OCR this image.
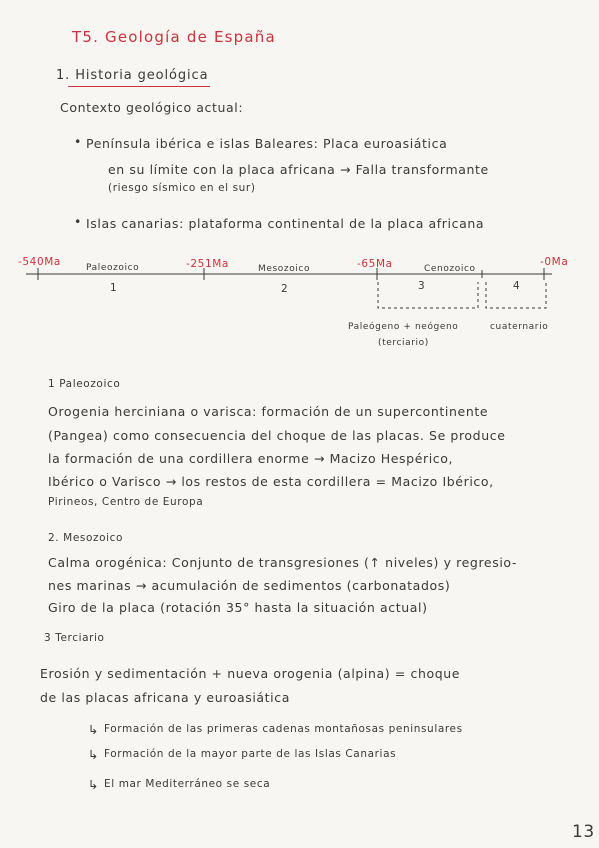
T5. Geología de España
1. Historia geológica
Contexto geológico actual:
• Península ibérica e islas Baleares: Placa euroasiática
en su límite con la placa africana → Falla transformante
(riesgo sísmico en el sur)
• Islas canarias: plataforma continental de la placa africana
-540Ma	-251Ma	-65Ma	-0Ma
Paleozoico	Mesozoico	Cenozoico
1	2	3	4
Paleógeno + neógeno
(terciario)
cuaternario
1 Paleozoico
Orogenia herciniana o varisca: formación de un supercontinente
(Pangea) como consecuencia del choque de las placas. Se produce
la formación de una cordillera enorme → Macizo Hespérico,
Ibérico o Varisco → los restos de esta cordillera = Macizo Ibérico,
Pirineos, Centro de Europa
2. Mesozoico
Calma orogénica: Conjunto de transgresiones (↑ niveles) y regresio-
nes marinas → acumulación de sedimentos (carbonatados)
Giro de la placa (rotación 35° hasta la situación actual)
3 Terciario
Erosión y sedimentación + nueva orogenia (alpina) = choque
de las placas africana y euroasiática
↳ Formación de las primeras cadenas montañosas peninsulares
↳ Formación de la mayor parte de las Islas Canarias
↳ El mar Mediterráneo se seca
13
